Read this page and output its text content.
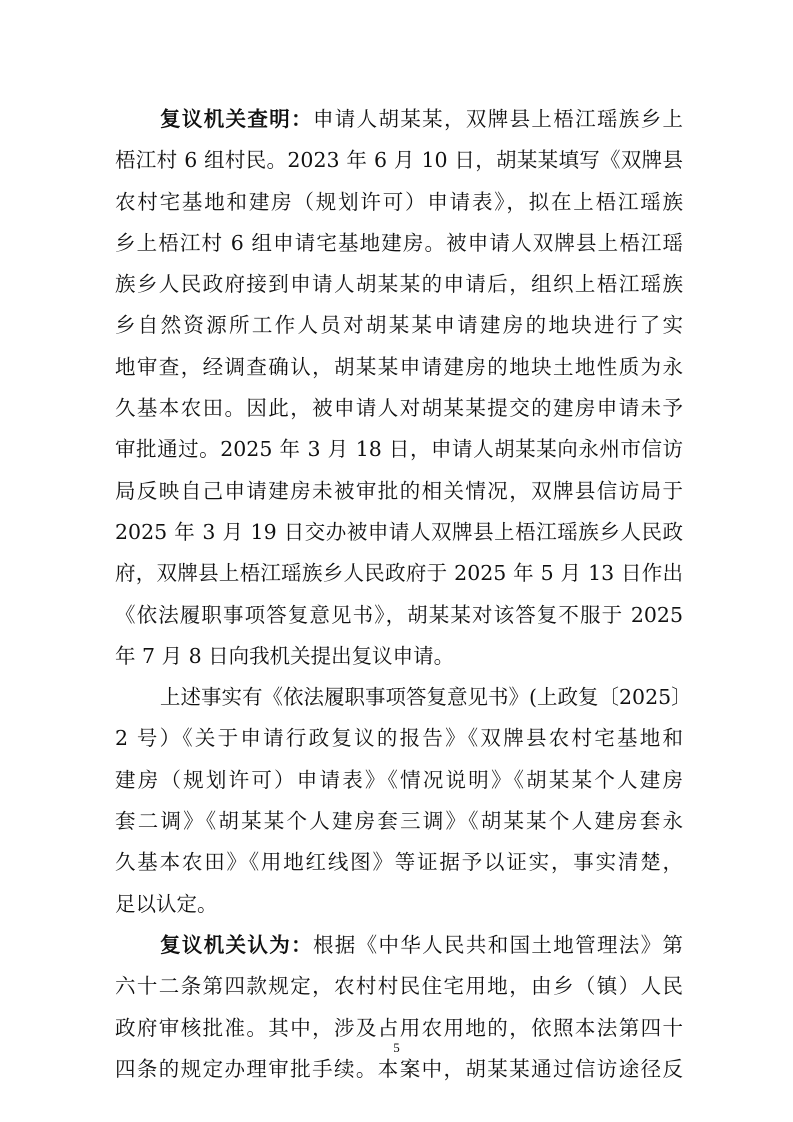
复议机关查明：申请人胡某某，双牌县上梧江瑶族乡上
梧江村 6 组村民。2023 年 6 月 10 日，胡某某填写《双牌县
农村宅基地和建房（规划许可）申请表》，拟在上梧江瑶族
乡上梧江村 6 组申请宅基地建房。被申请人双牌县上梧江瑶
族乡人民政府接到申请人胡某某的申请后，组织上梧江瑶族
乡自然资源所工作人员对胡某某申请建房的地块进行了实
地审查，经调查确认，胡某某申请建房的地块土地性质为永
久基本农田。因此，被申请人对胡某某提交的建房申请未予
审批通过。2025 年 3 月 18 日，申请人胡某某向永州市信访
局反映自己申请建房未被审批的相关情况，双牌县信访局于
2025 年 3 月 19 日交办被申请人双牌县上梧江瑶族乡人民政
府，双牌县上梧江瑶族乡人民政府于 2025 年 5 月 13 日作出
《依法履职事项答复意见书》，胡某某对该答复不服于 2025
年 7 月 8 日向我机关提出复议申请。
上述事实有《依法履职事项答复意见书》(上政复〔2025〕
2 号）《关于申请行政复议的报告》《双牌县农村宅基地和
建房（规划许可）申请表》《情况说明》《胡某某个人建房
套二调》《胡某某个人建房套三调》《胡某某个人建房套永
久基本农田》《用地红线图》等证据予以证实，事实清楚，
足以认定。
复议机关认为：根据《中华人民共和国土地管理法》第
六十二条第四款规定，农村村民住宅用地，由乡（镇）人民
政府审核批准。其中，涉及占用农用地的，依照本法第四十
四条的规定办理审批手续。本案中，胡某某通过信访途径反
5
